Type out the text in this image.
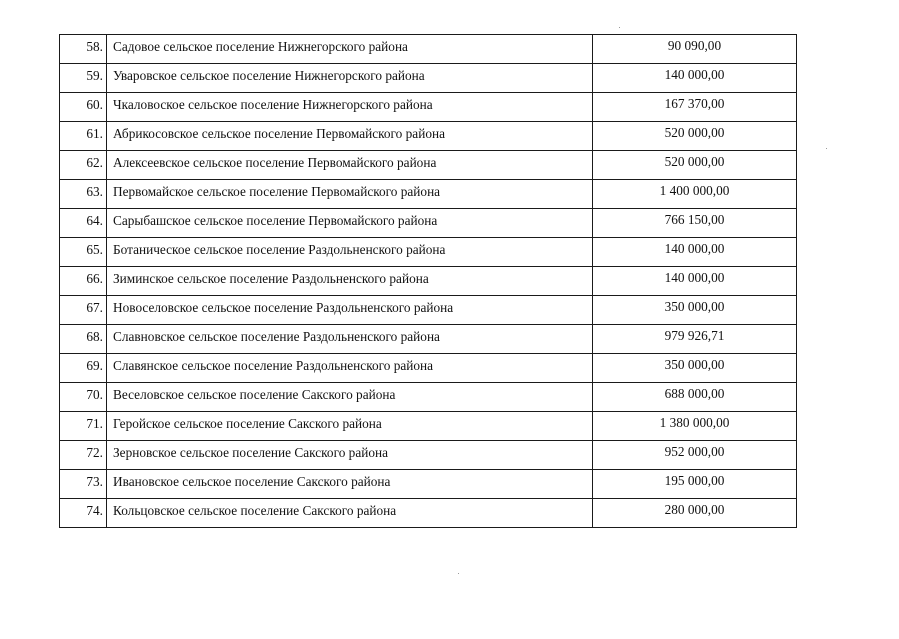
58.	Садовое сельское поселение Нижнегорского района	90 090,00
59.	Уваровское сельское поселение Нижнегорского района	140 000,00
60.	Чкаловоское сельское поселение Нижнегорского района	167 370,00
61.	Абрикосовское сельское поселение Первомайского района	520 000,00
62.	Алексеевское сельское поселение Первомайского района	520 000,00
63.	Первомайское сельское поселение Первомайского района	1 400 000,00
64.	Сарыбашское сельское поселение Первомайского района	766 150,00
65.	Ботаническое сельское поселение Раздольненского района	140 000,00
66.	Зиминское сельское поселение Раздольненского района	140 000,00
67.	Новоселовское сельское поселение Раздольненского района	350 000,00
68.	Славновское сельское поселение Раздольненского района	979 926,71
69.	Славянское сельское поселение Раздольненского района	350 000,00
70.	Веселовское сельское поселение Сакского района	688 000,00
71.	Геройское сельское поселение Сакского района	1 380 000,00
72.	Зерновское сельское поселение Сакского района	952 000,00
73.	Ивановское сельское поселение Сакского района	195 000,00
74.	Кольцовское сельское поселение Сакского района	280 000,00
